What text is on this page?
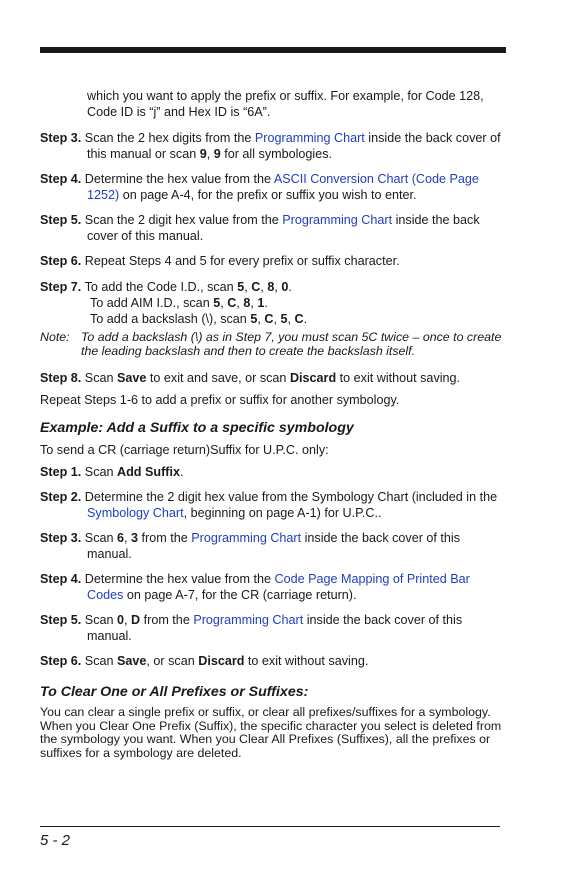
which you want to apply the prefix or suffix. For example, for Code 128, Code ID is “j” and Hex ID is “6A”.

Step 3. Scan the 2 hex digits from the Programming Chart inside the back cover of this manual or scan 9, 9 for all symbologies.

Step 4. Determine the hex value from the ASCII Conversion Chart (Code Page 1252) on page A-4, for the prefix or suffix you wish to enter.

Step 5. Scan the 2 digit hex value from the Programming Chart inside the back cover of this manual.

Step 6. Repeat Steps 4 and 5 for every prefix or suffix character.

Step 7. To add the Code I.D., scan 5, C, 8, 0.
To add AIM I.D., scan 5, C, 8, 1.
To add a backslash (\), scan 5, C, 5, C.

Note: To add a backslash (\) as in Step 7, you must scan 5C twice – once to create the leading backslash and then to create the backslash itself.

Step 8. Scan Save to exit and save, or scan Discard to exit without saving.

Repeat Steps 1-6 to add a prefix or suffix for another symbology.

Example: Add a Suffix to a specific symbology

To send a CR (carriage return)Suffix for U.P.C. only:

Step 1. Scan Add Suffix.

Step 2. Determine the 2 digit hex value from the Symbology Chart (included in the Symbology Chart, beginning on page A-1) for U.P.C..

Step 3. Scan 6, 3 from the Programming Chart inside the back cover of this manual.

Step 4. Determine the hex value from the Code Page Mapping of Printed Bar Codes on page A-7, for the CR (carriage return).

Step 5. Scan 0, D from the Programming Chart inside the back cover of this manual.

Step 6. Scan Save, or scan Discard to exit without saving.

To Clear One or All Prefixes or Suffixes:

You can clear a single prefix or suffix, or clear all prefixes/suffixes for a symbology. When you Clear One Prefix (Suffix), the specific character you select is deleted from the symbology you want. When you Clear All Prefixes (Suffixes), all the prefixes or suffixes for a symbology are deleted.

5 - 2
